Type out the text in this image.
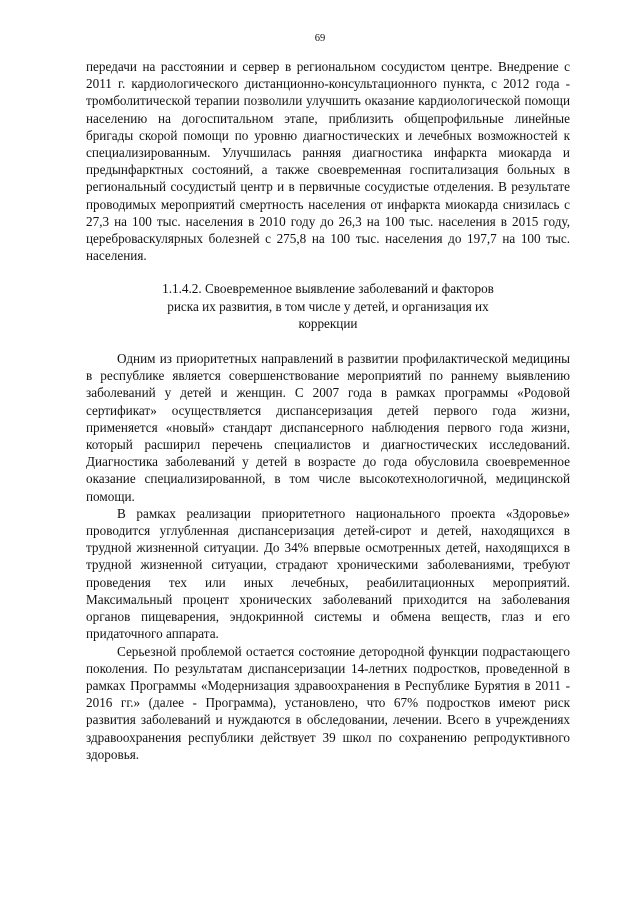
69

передачи на расстоянии и сервер в региональном сосудистом центре. Внедрение с 2011 г. кардиологического дистанционно-консультационного пункта, с 2012 года - тромболитической терапии позволили улучшить оказание кардиологической помощи населению на догоспитальном этапе, приблизить общепрофильные линейные бригады скорой помощи по уровню диагностических и лечебных возможностей к специализированным. Улучшилась ранняя диагностика инфаркта миокарда и предынфарктных состояний, а также своевременная госпитализация больных в региональный сосудистый центр и в первичные сосудистые отделения. В результате проводимых мероприятий смертность населения от инфаркта миокарда снизилась с 27,3 на 100 тыс. населения в 2010 году до 26,3 на 100 тыс. населения в 2015 году, цереброваскулярных болезней с 275,8 на 100 тыс. населения до 197,7 на 100 тыс. населения.

1.1.4.2. Своевременное выявление заболеваний и факторов
риска их развития, в том числе у детей, и организация их
коррекции

Одним из приоритетных направлений в развитии профилактической медицины в республике является совершенствование мероприятий по раннему выявлению заболеваний у детей и женщин. С 2007 года в рамках программы «Родовой сертификат» осуществляется диспансеризация детей первого года жизни, применяется «новый» стандарт диспансерного наблюдения первого года жизни, который расширил перечень специалистов и диагностических исследований. Диагностика заболеваний у детей в возрасте до года обусловила своевременное оказание специализированной, в том числе высокотехнологичной, медицинской помощи.

В рамках реализации приоритетного национального проекта «Здоровье» проводится углубленная диспансеризация детей-сирот и детей, находящихся в трудной жизненной ситуации. До 34% впервые осмотренных детей, находящихся в трудной жизненной ситуации, страдают хроническими заболеваниями, требуют проведения тех или иных лечебных, реабилитационных мероприятий. Максимальный процент хронических заболеваний приходится на заболевания органов пищеварения, эндокринной системы и обмена веществ, глаз и его придаточного аппарата.

Серьезной проблемой остается состояние детородной функции подрастающего поколения. По результатам диспансеризации 14-летних подростков, проведенной в рамках Программы «Модернизация здравоохранения в Республике Бурятия в 2011 - 2016 гг.» (далее - Программа), установлено, что 67% подростков имеют риск развития заболеваний и нуждаются в обследовании, лечении. Всего в учреждениях здравоохранения республики действует 39 школ по сохранению репродуктивного здоровья.
